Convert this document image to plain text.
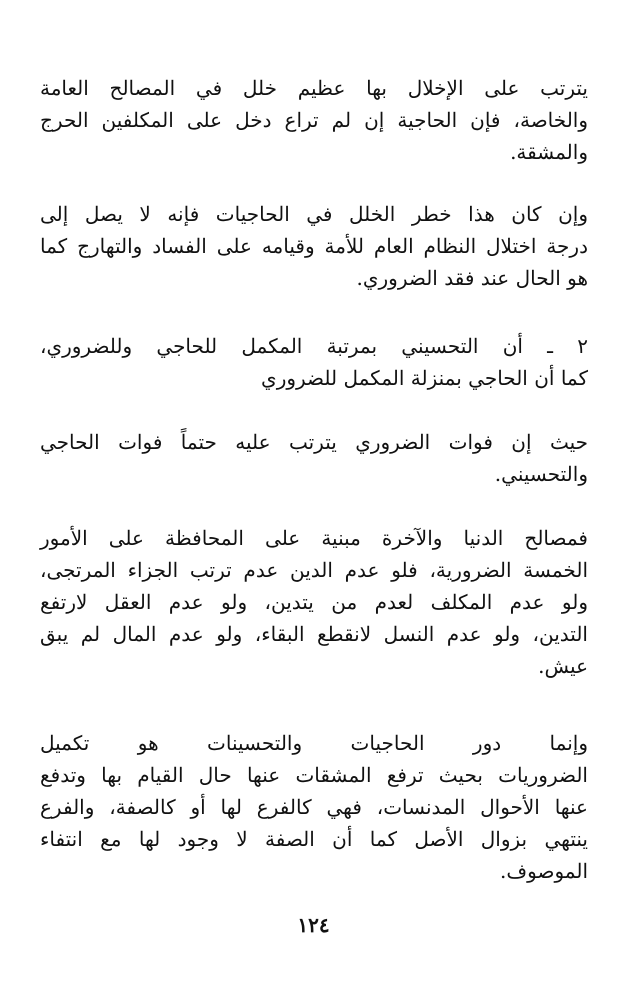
يترتب على الإخلال بها عظيم خلل في المصالح العامة
والخاصة، فإن الحاجية إن لم تراع دخل على المكلفين الحرج
والمشقة.

وإن كان هذا خطر الخلل في الحاجيات فإنه لا يصل إلى
درجة اختلال النظام العام للأمة وقيامه على الفساد والتهارج كما
هو الحال عند فقد الضروري.

٢ ـ أن التحسيني بمرتبة المكمل للحاجي وللضروري،
كما أن الحاجي بمنزلة المكمل للضروري

حيث إن فوات الضروري يترتب عليه حتماً فوات الحاجي
والتحسيني.

فمصالح الدنيا والآخرة مبنية على المحافظة على الأمور
الخمسة الضرورية، فلو عدم الدين عدم ترتب الجزاء المرتجى،
ولو عدم المكلف لعدم من يتدين، ولو عدم العقل لارتفع
التدين، ولو عدم النسل لانقطع البقاء، ولو عدم المال لم يبق
عيش.

وإنما دور الحاجيات والتحسينات هو تكميل
الضروريات بحيث ترفع المشقات عنها حال القيام بها وتدفع
عنها الأحوال المدنسات، فهي كالفرع لها أو كالصفة، والفرع
ينتهي بزوال الأصل كما أن الصفة لا وجود لها مع انتفاء
الموصوف.

١٢٤
